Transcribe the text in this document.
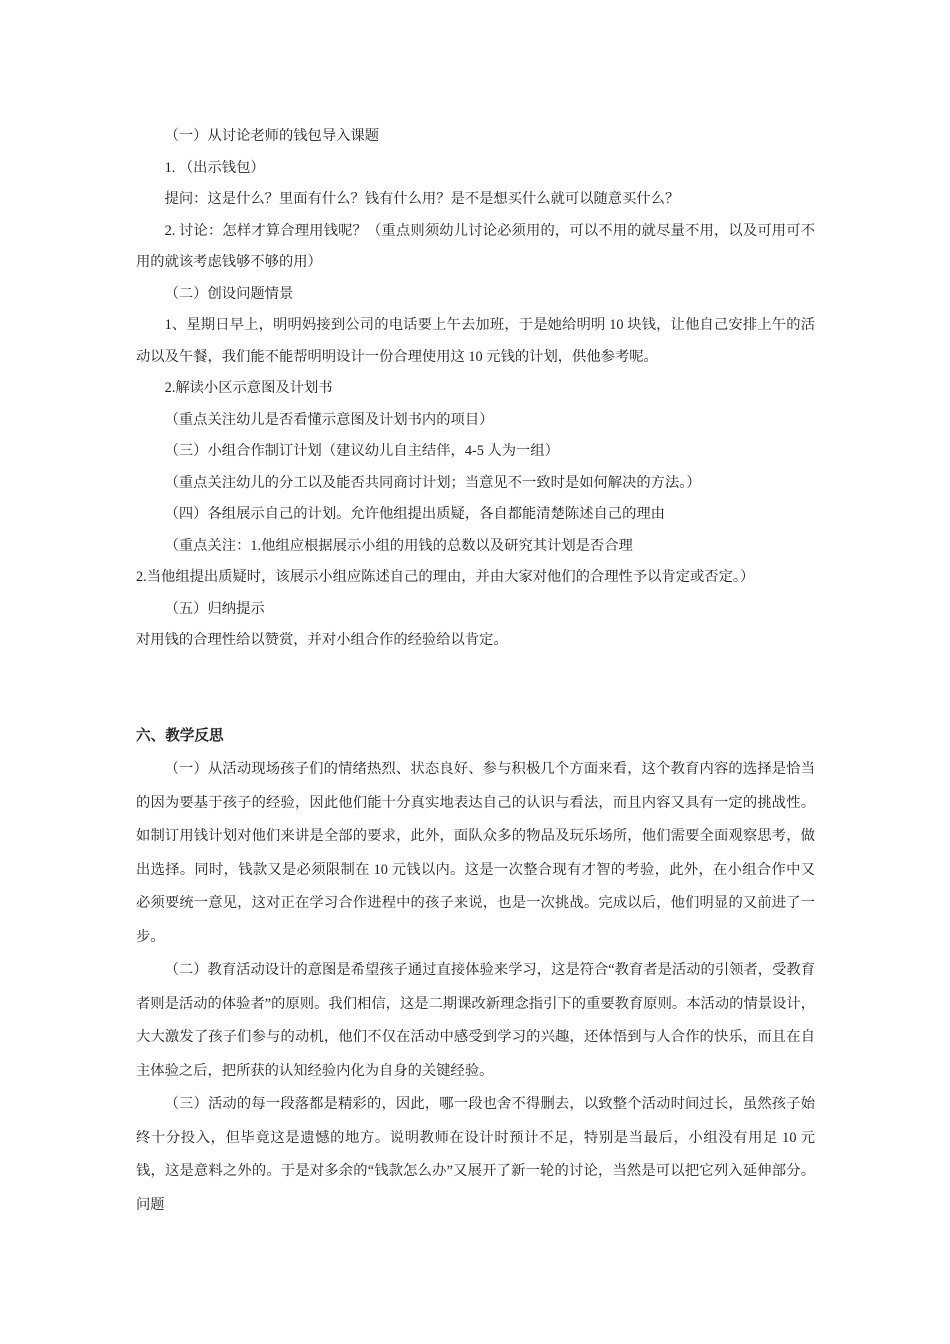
（一）从讨论老师的钱包导入课题

1. （出示钱包）

提问：这是什么？里面有什么？钱有什么用？是不是想买什么就可以随意买什么？

2. 讨论：怎样才算合理用钱呢？（重点则须幼儿讨论必须用的，可以不用的就尽量不用，以及可用可不用的就该考虑钱够不够的用）

（二）创设问题情景

1、星期日早上，明明妈接到公司的电话要上午去加班，于是她给明明 10 块钱，让他自己安排上午的活动以及午餐，我们能不能帮明明设计一份合理使用这 10 元钱的计划，供他参考呢。

2.解读小区示意图及计划书

（重点关注幼儿是否看懂示意图及计划书内的项目）

（三）小组合作制订计划（建议幼儿自主结伴，4-5 人为一组）

（重点关注幼儿的分工以及能否共同商讨计划；当意见不一致时是如何解决的方法。）

（四）各组展示自己的计划。允许他组提出质疑，各自都能清楚陈述自己的理由

（重点关注：1.他组应根据展示小组的用钱的总数以及研究其计划是否合理

2.当他组提出质疑时，该展示小组应陈述自己的理由，并由大家对他们的合理性予以肯定或否定。）

（五）归纳提示

对用钱的合理性给以赞赏，并对小组合作的经验给以肯定。

六、教学反思

（一）从活动现场孩子们的情绪热烈、状态良好、参与积极几个方面来看，这个教育内容的选择是恰当的因为要基于孩子的经验，因此他们能十分真实地表达自己的认识与看法，而且内容又具有一定的挑战性。如制订用钱计划对他们来讲是全部的要求，此外，面队众多的物品及玩乐场所，他们需要全面观察思考，做出选择。同时，钱款又是必须限制在 10 元钱以内。这是一次整合现有才智的考验，此外，在小组合作中又必须要统一意见，这对正在学习合作进程中的孩子来说，也是一次挑战。完成以后，他们明显的又前进了一步。

（二）教育活动设计的意图是希望孩子通过直接体验来学习，这是符合“教育者是活动的引领者，受教育者则是活动的体验者”的原则。我们相信，这是二期课改新理念指引下的重要教育原则。本活动的情景设计，大大激发了孩子们参与的动机，他们不仅在活动中感受到学习的兴趣，还体悟到与人合作的快乐，而且在自主体验之后，把所获的认知经验内化为自身的关键经验。

（三）活动的每一段落都是精彩的，因此，哪一段也舍不得删去，以致整个活动时间过长，虽然孩子始终十分投入，但毕竟这是遗憾的地方。说明教师在设计时预计不足，特别是当最后，小组没有用足 10 元钱，这是意料之外的。于是对多余的“钱款怎么办”又展开了新一轮的讨论，当然是可以把它列入延伸部分。问题
